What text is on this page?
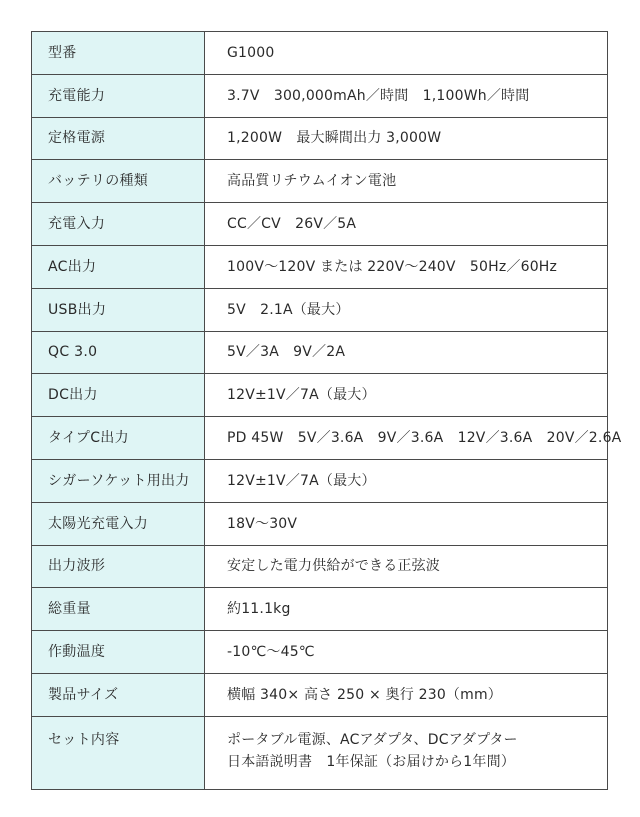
型番	G1000
充電能力	3.7V　300,000mAh／時間　1,100Wh／時間
定格電源	1,200W　最大瞬間出力 3,000W
バッテリの種類	高品質リチウムイオン電池
充電入力	CC／CV　26V／5A
AC出力	100V〜120V または 220V〜240V　50Hz／60Hz
USB出力	5V　2.1A（最大）
QC 3.0	5V／3A　9V／2A
DC出力	12V±1V／7A（最大）
タイプC出力	PD 45W　5V／3.6A　9V／3.6A　12V／3.6A　20V／2.6A
シガーソケット用出力	12V±1V／7A（最大）
太陽光充電入力	18V〜30V
出力波形	安定した電力供給ができる正弦波
総重量	約11.1kg
作動温度	-10℃〜45℃
製品サイズ	横幅 340× 高さ 250 × 奥行 230（mm）
セット内容	ポータブル電源、ACアダプタ、DCアダプター
日本語説明書　1年保証（お届けから1年間）
